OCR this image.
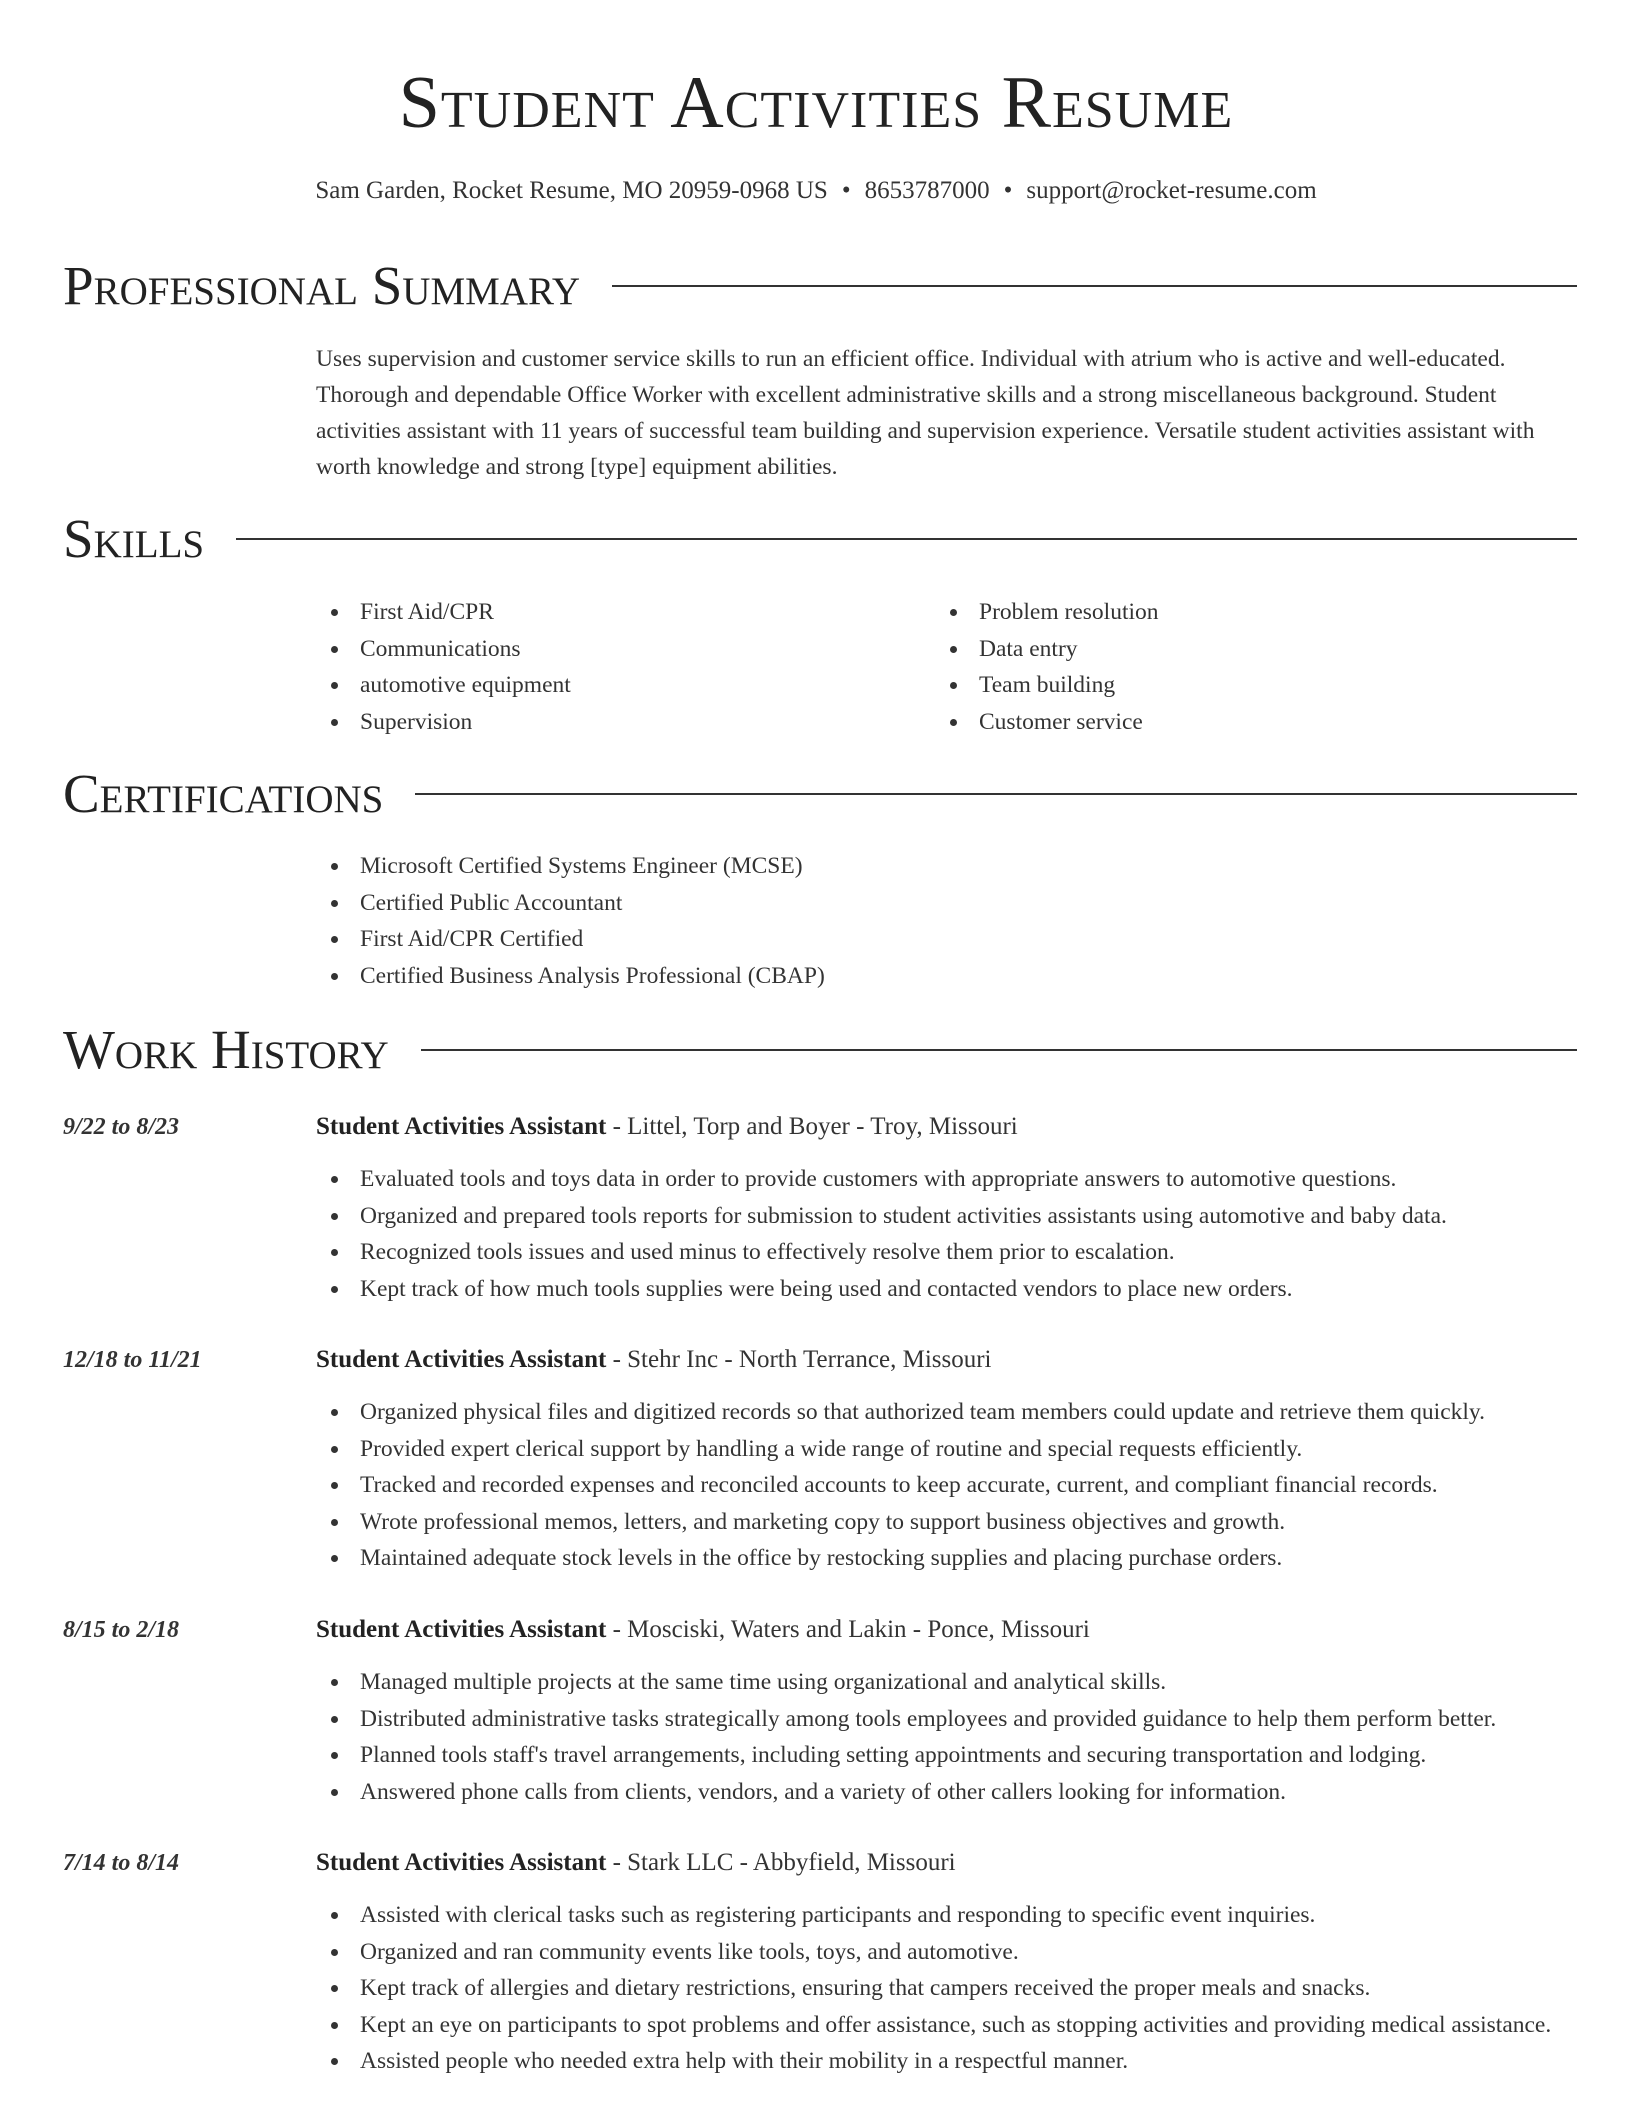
Student Activities Resume
Sam Garden, Rocket Resume, MO 20959-0968 US • 8653787000 • support@rocket-resume.com
Professional Summary

Uses supervision and customer service skills to run an efficient office. Individual with atrium who is active and well-educated. Thorough and dependable Office Worker with excellent administrative skills and a strong miscellaneous background. Student activities assistant with 11 years of successful team building and supervision experience. Versatile student activities assistant with worth knowledge and strong [type] equipment abilities.

Skills
First Aid/CPR
Communications
automotive equipment
Supervision
Problem resolution
Data entry
Team building
Customer service
Certifications
Microsoft Certified Systems Engineer (MCSE)
Certified Public Accountant
First Aid/CPR Certified
Certified Business Analysis Professional (CBAP)
Work History
9/22 to 8/23	Student Activities Assistant - Littel, Torp and Boyer - Troy, Missouri
Evaluated tools and toys data in order to provide customers with appropriate answers to automotive questions.
Organized and prepared tools reports for submission to student activities assistants using automotive and baby data.
Recognized tools issues and used minus to effectively resolve them prior to escalation.
Kept track of how much tools supplies were being used and contacted vendors to place new orders.
12/18 to 11/21	Student Activities Assistant - Stehr Inc - North Terrance, Missouri
Organized physical files and digitized records so that authorized team members could update and retrieve them quickly.
Provided expert clerical support by handling a wide range of routine and special requests efficiently.
Tracked and recorded expenses and reconciled accounts to keep accurate, current, and compliant financial records.
Wrote professional memos, letters, and marketing copy to support business objectives and growth.
Maintained adequate stock levels in the office by restocking supplies and placing purchase orders.
8/15 to 2/18	Student Activities Assistant - Mosciski, Waters and Lakin - Ponce, Missouri
Managed multiple projects at the same time using organizational and analytical skills.
Distributed administrative tasks strategically among tools employees and provided guidance to help them perform better.
Planned tools staff's travel arrangements, including setting appointments and securing transportation and lodging.
Answered phone calls from clients, vendors, and a variety of other callers looking for information.
7/14 to 8/14	Student Activities Assistant - Stark LLC - Abbyfield, Missouri
Assisted with clerical tasks such as registering participants and responding to specific event inquiries.
Organized and ran community events like tools, toys, and automotive.
Kept track of allergies and dietary restrictions, ensuring that campers received the proper meals and snacks.
Kept an eye on participants to spot problems and offer assistance, such as stopping activities and providing medical assistance.
Assisted people who needed extra help with their mobility in a respectful manner.
